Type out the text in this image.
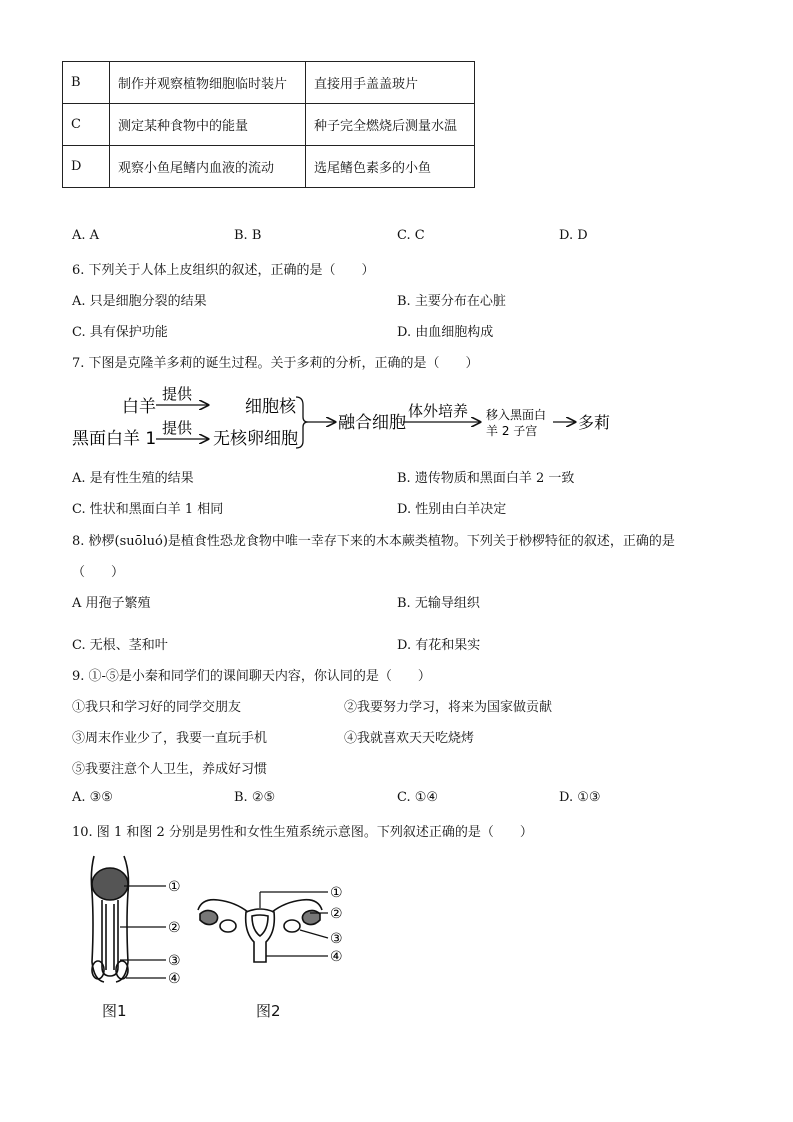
B	制作并观察植物细胞临时装片	直接用手盖盖玻片
C	测定某种食物中的能量	种子完全燃烧后测量水温
D	观察小鱼尾鳍内血液的流动	选尾鳍色素多的小鱼
A. A	B. B	C. C	D. D
6. 下列关于人体上皮组织的叙述，正确的是（　　）
A. 只是细胞分裂的结果	B. 主要分布在心脏
C. 具有保护功能	D. 由血细胞构成
7. 下图是克隆羊多莉的诞生过程。关于多莉的分析，正确的是（　　）
白羊
提供
细胞核
黑面白羊 1
提供
无核卵细胞
融合细胞
体外培养 移入黑面白
羊 2 子宫	多莉
A. 是有性生殖的结果	B. 遗传物质和黑面白羊 2 一致
C. 性状和黑面白羊 1 相同	D. 性别由白羊决定
8. 桫椤(suōluó)是植食性恐龙食物中唯一幸存下来的木本蕨类植物。下列关于桫椤特征的叙述，正确的是
（　　）
A 用孢子繁殖	B. 无输导组织
C. 无根、茎和叶	D. 有花和果实
9. ①-⑤是小秦和同学们的课间聊天内容，你认同的是（　　）
①我只和学习好的同学交朋友	②我要努力学习，将来为国家做贡献
③周末作业少了，我要一直玩手机	④我就喜欢天天吃烧烤
⑤我要注意个人卫生，养成好习惯
A. ③⑤	B. ②⑤	C. ①④	D. ①③
10. 图 1 和图 2 分别是男性和女性生殖系统示意图。下列叙述正确的是（　　）
①
②
③
④
①
②
③
④
图1	图2
